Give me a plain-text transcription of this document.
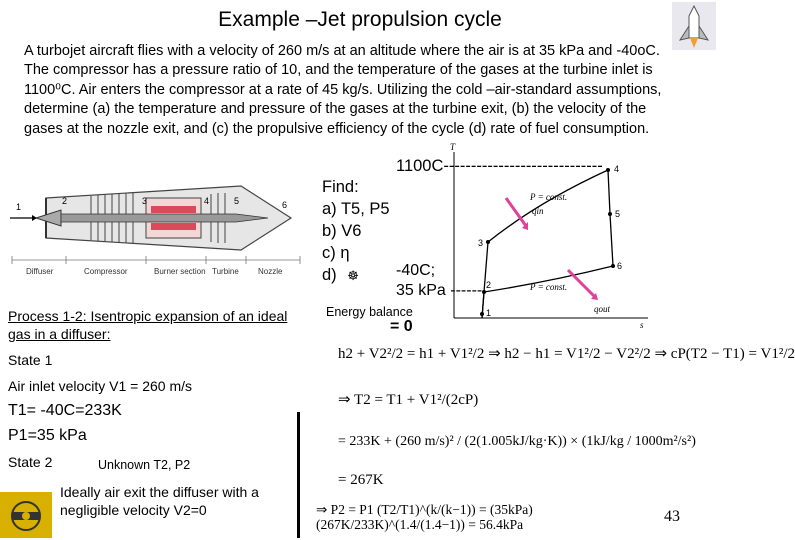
Example –Jet propulsion cycle
A turbojet aircraft flies with a velocity of 260 m/s at an altitude where the air is at 35 kPa and -40oC. The compressor has a pressure ratio of 10, and the temperature of the gases at the turbine inlet is 1100⁰C. Air enters the compressor at a rate of 45 kg/s. Utilizing the cold –air-standard assumptions, determine (a) the temperature and pressure of the gases at the turbine exit, (b) the velocity of the gases at the nozzle exit, and (c) the propulsive efficiency of the cycle (d) rate of fuel consumption.
1
2	3	4	5	6
Diffuser	Compressor	Burner section Turbine Nozzle
T
s
3
4
5
6
2
1
P = const.
P = const.
qin
qout
1100C-----------------------------
Find:
a) T5, P5
b) V6
c) η
d) ☸	-40C;
35 kPa ------
Process 1-2: Isentropic expansion of an ideal gas in a diffuser:
State 1
Air inlet velocity V1 = 260 m/s
T1= -40C=233K
P1=35 kPa
State 2	Unknown T2, P2
Ideally air exit the diffuser with a negligible velocity V2=0
Energy balance
= 0
h2 + V2²/2 = h1 + V1²/2 ⇒ h2 − h1 = V1²/2 − V2²/2 ⇒ cP(T2 − T1) = V1²/2
⇒ T2 = T1 + V1²/(2cP)
= 233K + (260 m/s)² / (2(1.005kJ/kg·K)) × (1kJ/kg / 1000m²/s²)
= 267K
⇒ P2 = P1 (T2/T1)^(k/(k−1)) = (35kPa)(267K/233K)^(1.4/(1.4−1)) = 56.4kPa	43
